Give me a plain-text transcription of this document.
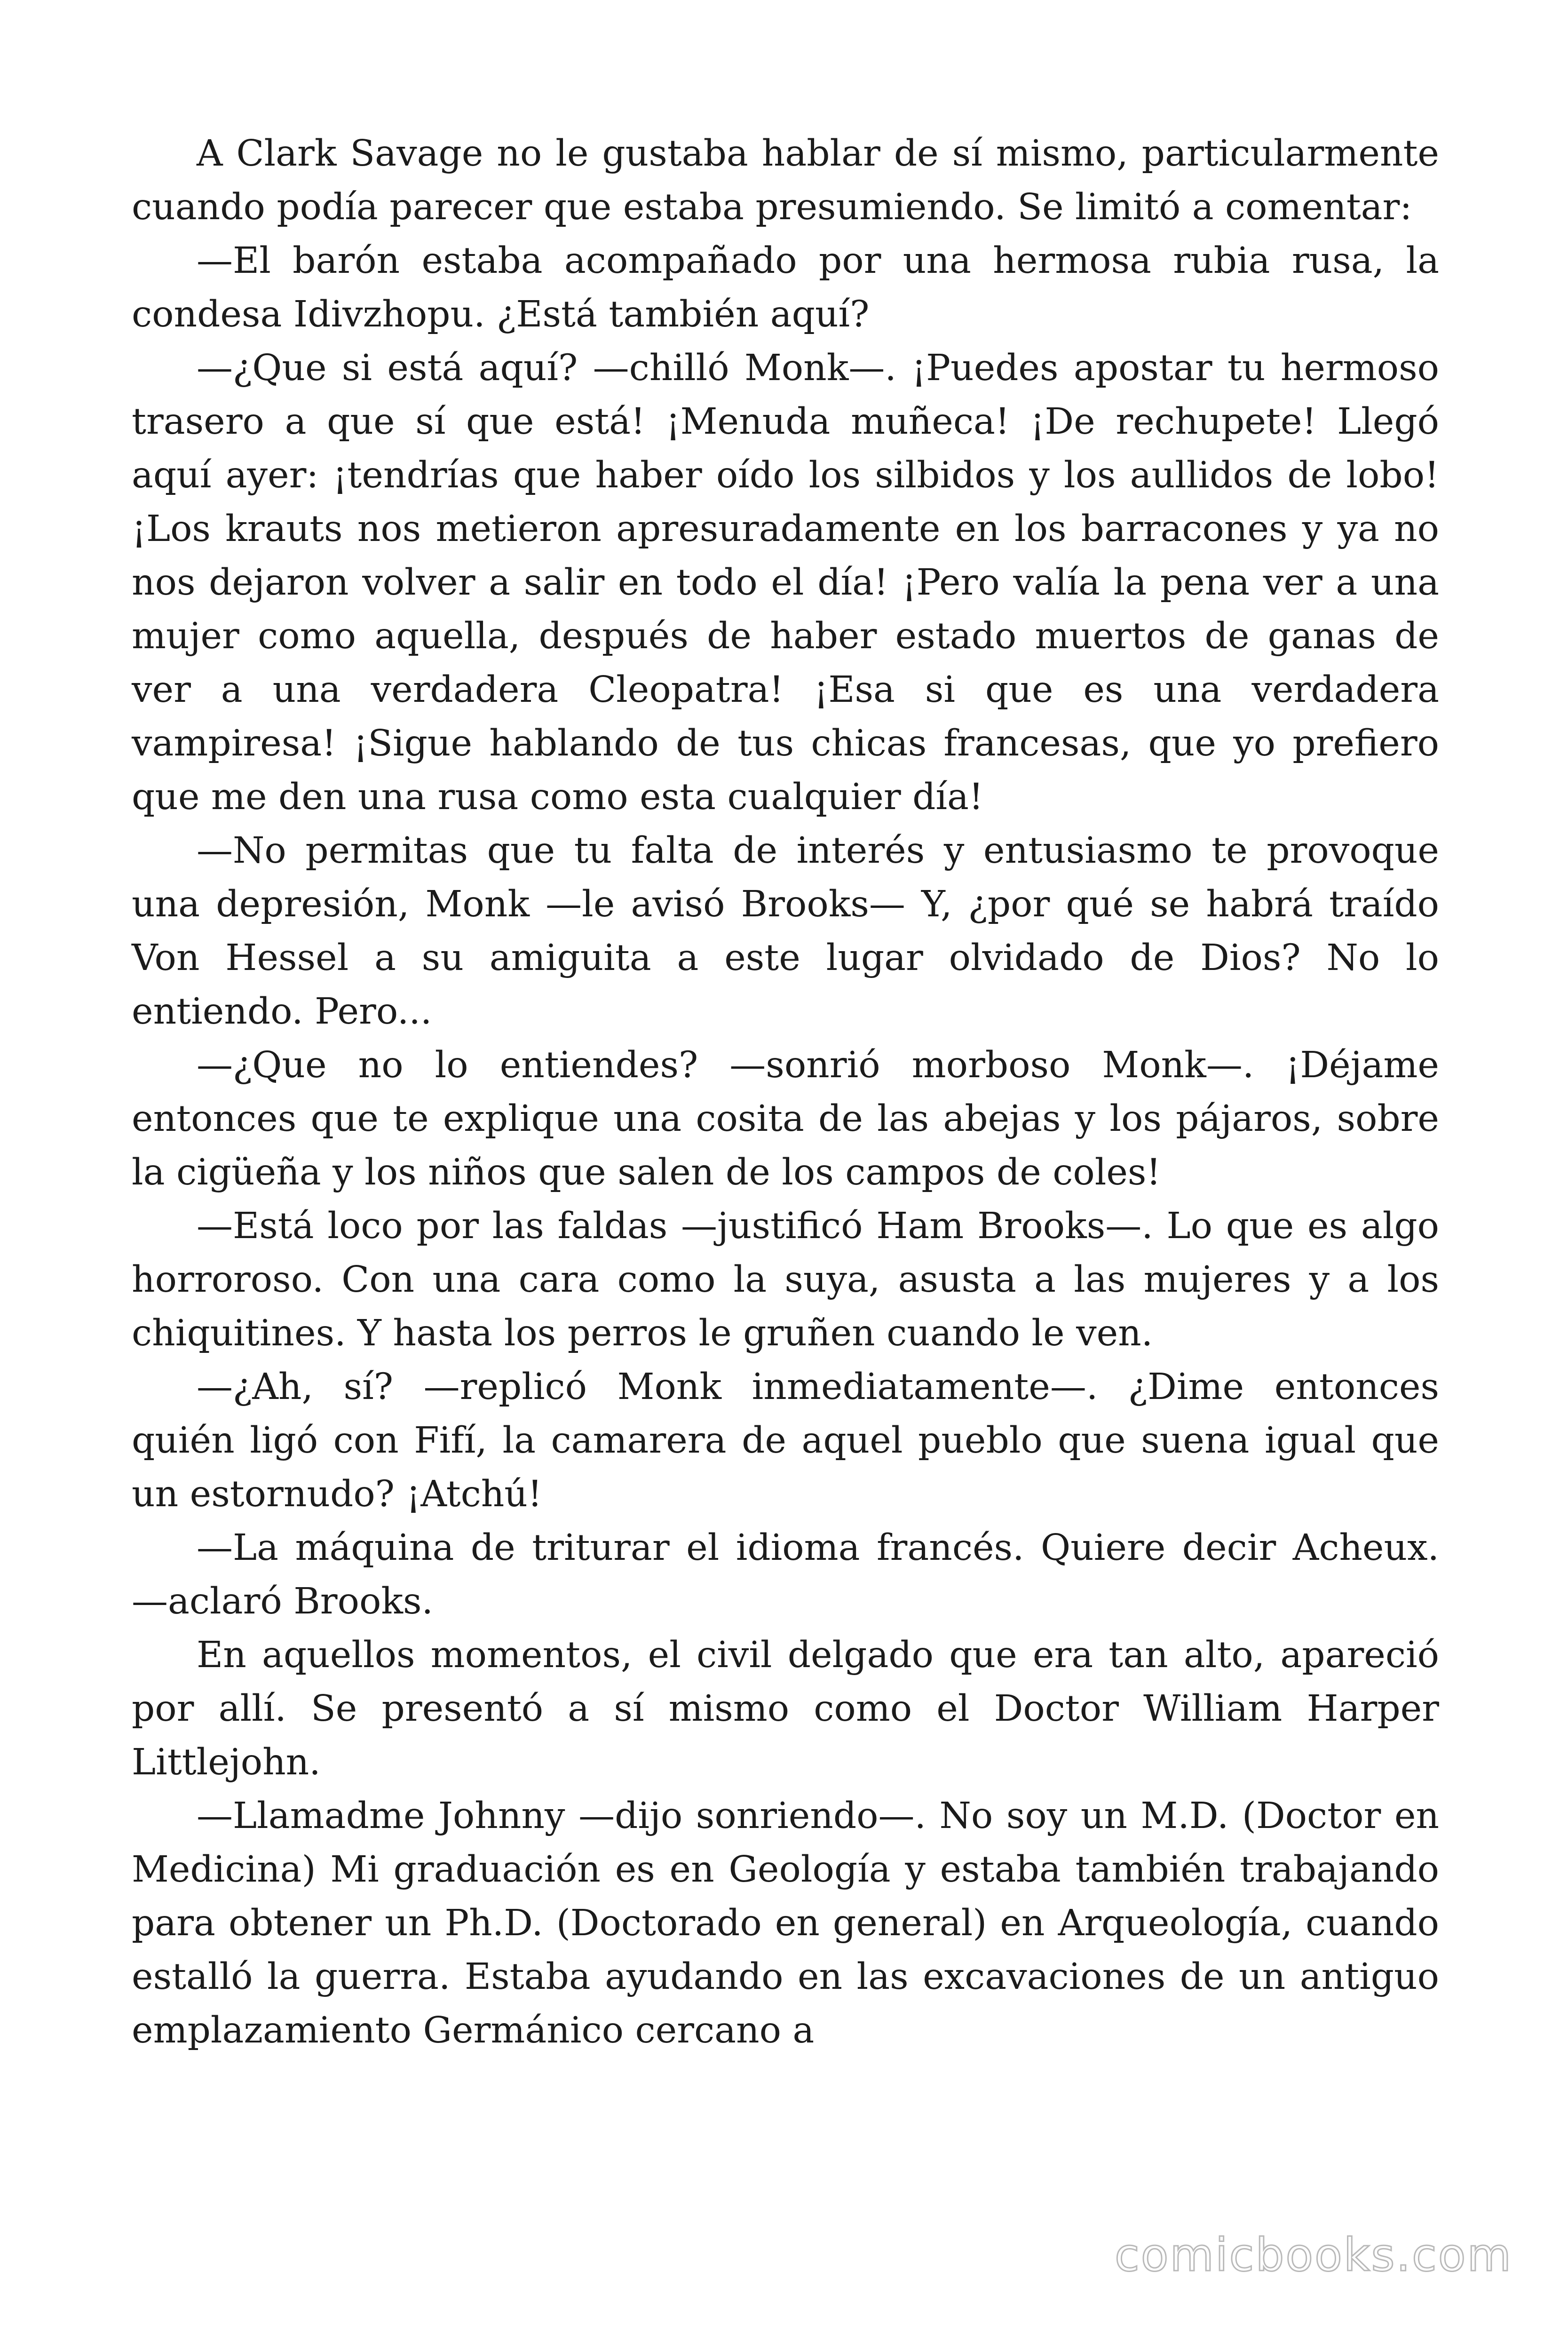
A Clark Savage no le gustaba hablar de sí mismo, particularmente cuando podía parecer que estaba presumiendo. Se limitó a comentar:

—El barón estaba acompañado por una hermosa rubia rusa, la condesa Idivzhopu. ¿Está también aquí?

—¿Que si está aquí? —chilló Monk—. ¡Puedes apostar tu hermoso trasero a que sí que está! ¡Menuda muñeca! ¡De rechupete! Llegó aquí ayer: ¡tendrías que haber oído los silbidos y los aullidos de lobo! ¡Los krauts nos metieron apresuradamente en los barracones y ya no nos dejaron volver a salir en todo el día! ¡Pero valía la pena ver a una mujer como aquella, después de haber estado muertos de ganas de ver a una verdadera Cleopatra! ¡Esa si que es una verdadera vampiresa! ¡Sigue hablando de tus chicas francesas, que yo prefiero que me den una rusa como esta cualquier día!

—No permitas que tu falta de interés y entusiasmo te provoque una depresión, Monk —le avisó Brooks— Y, ¿por qué se habrá traído Von Hessel a su amiguita a este lugar olvidado de Dios? No lo entiendo. Pero...

—¿Que no lo entiendes? —sonrió morboso Monk—. ¡Déjame entonces que te explique una cosita de las abejas y los pájaros, sobre la cigüeña y los niños que salen de los campos de coles!

—Está loco por las faldas —justificó Ham Brooks—. Lo que es algo horroroso. Con una cara como la suya, asusta a las mujeres y a los chiquitines. Y hasta los perros le gruñen cuando le ven.

—¿Ah, sí? —replicó Monk inmediatamente—. ¿Dime entonces quién ligó con Fifí, la camarera de aquel pueblo que suena igual que un estornudo? ¡Atchú!

—La máquina de triturar el idioma francés. Quiere decir Acheux. —aclaró Brooks.

En aquellos momentos, el civil delgado que era tan alto, apareció por allí. Se presentó a sí mismo como el Doctor William Harper Littlejohn.

—Llamadme Johnny —dijo sonriendo—. No soy un M.D. (Doctor en Medicina) Mi graduación es en Geología y estaba también trabajando para obtener un Ph.D. (Doctorado en general) en Arqueología, cuando estalló la guerra. Estaba ayudando en las excavaciones de un antiguo emplazamiento Germánico cercano a

comicbooks.com
